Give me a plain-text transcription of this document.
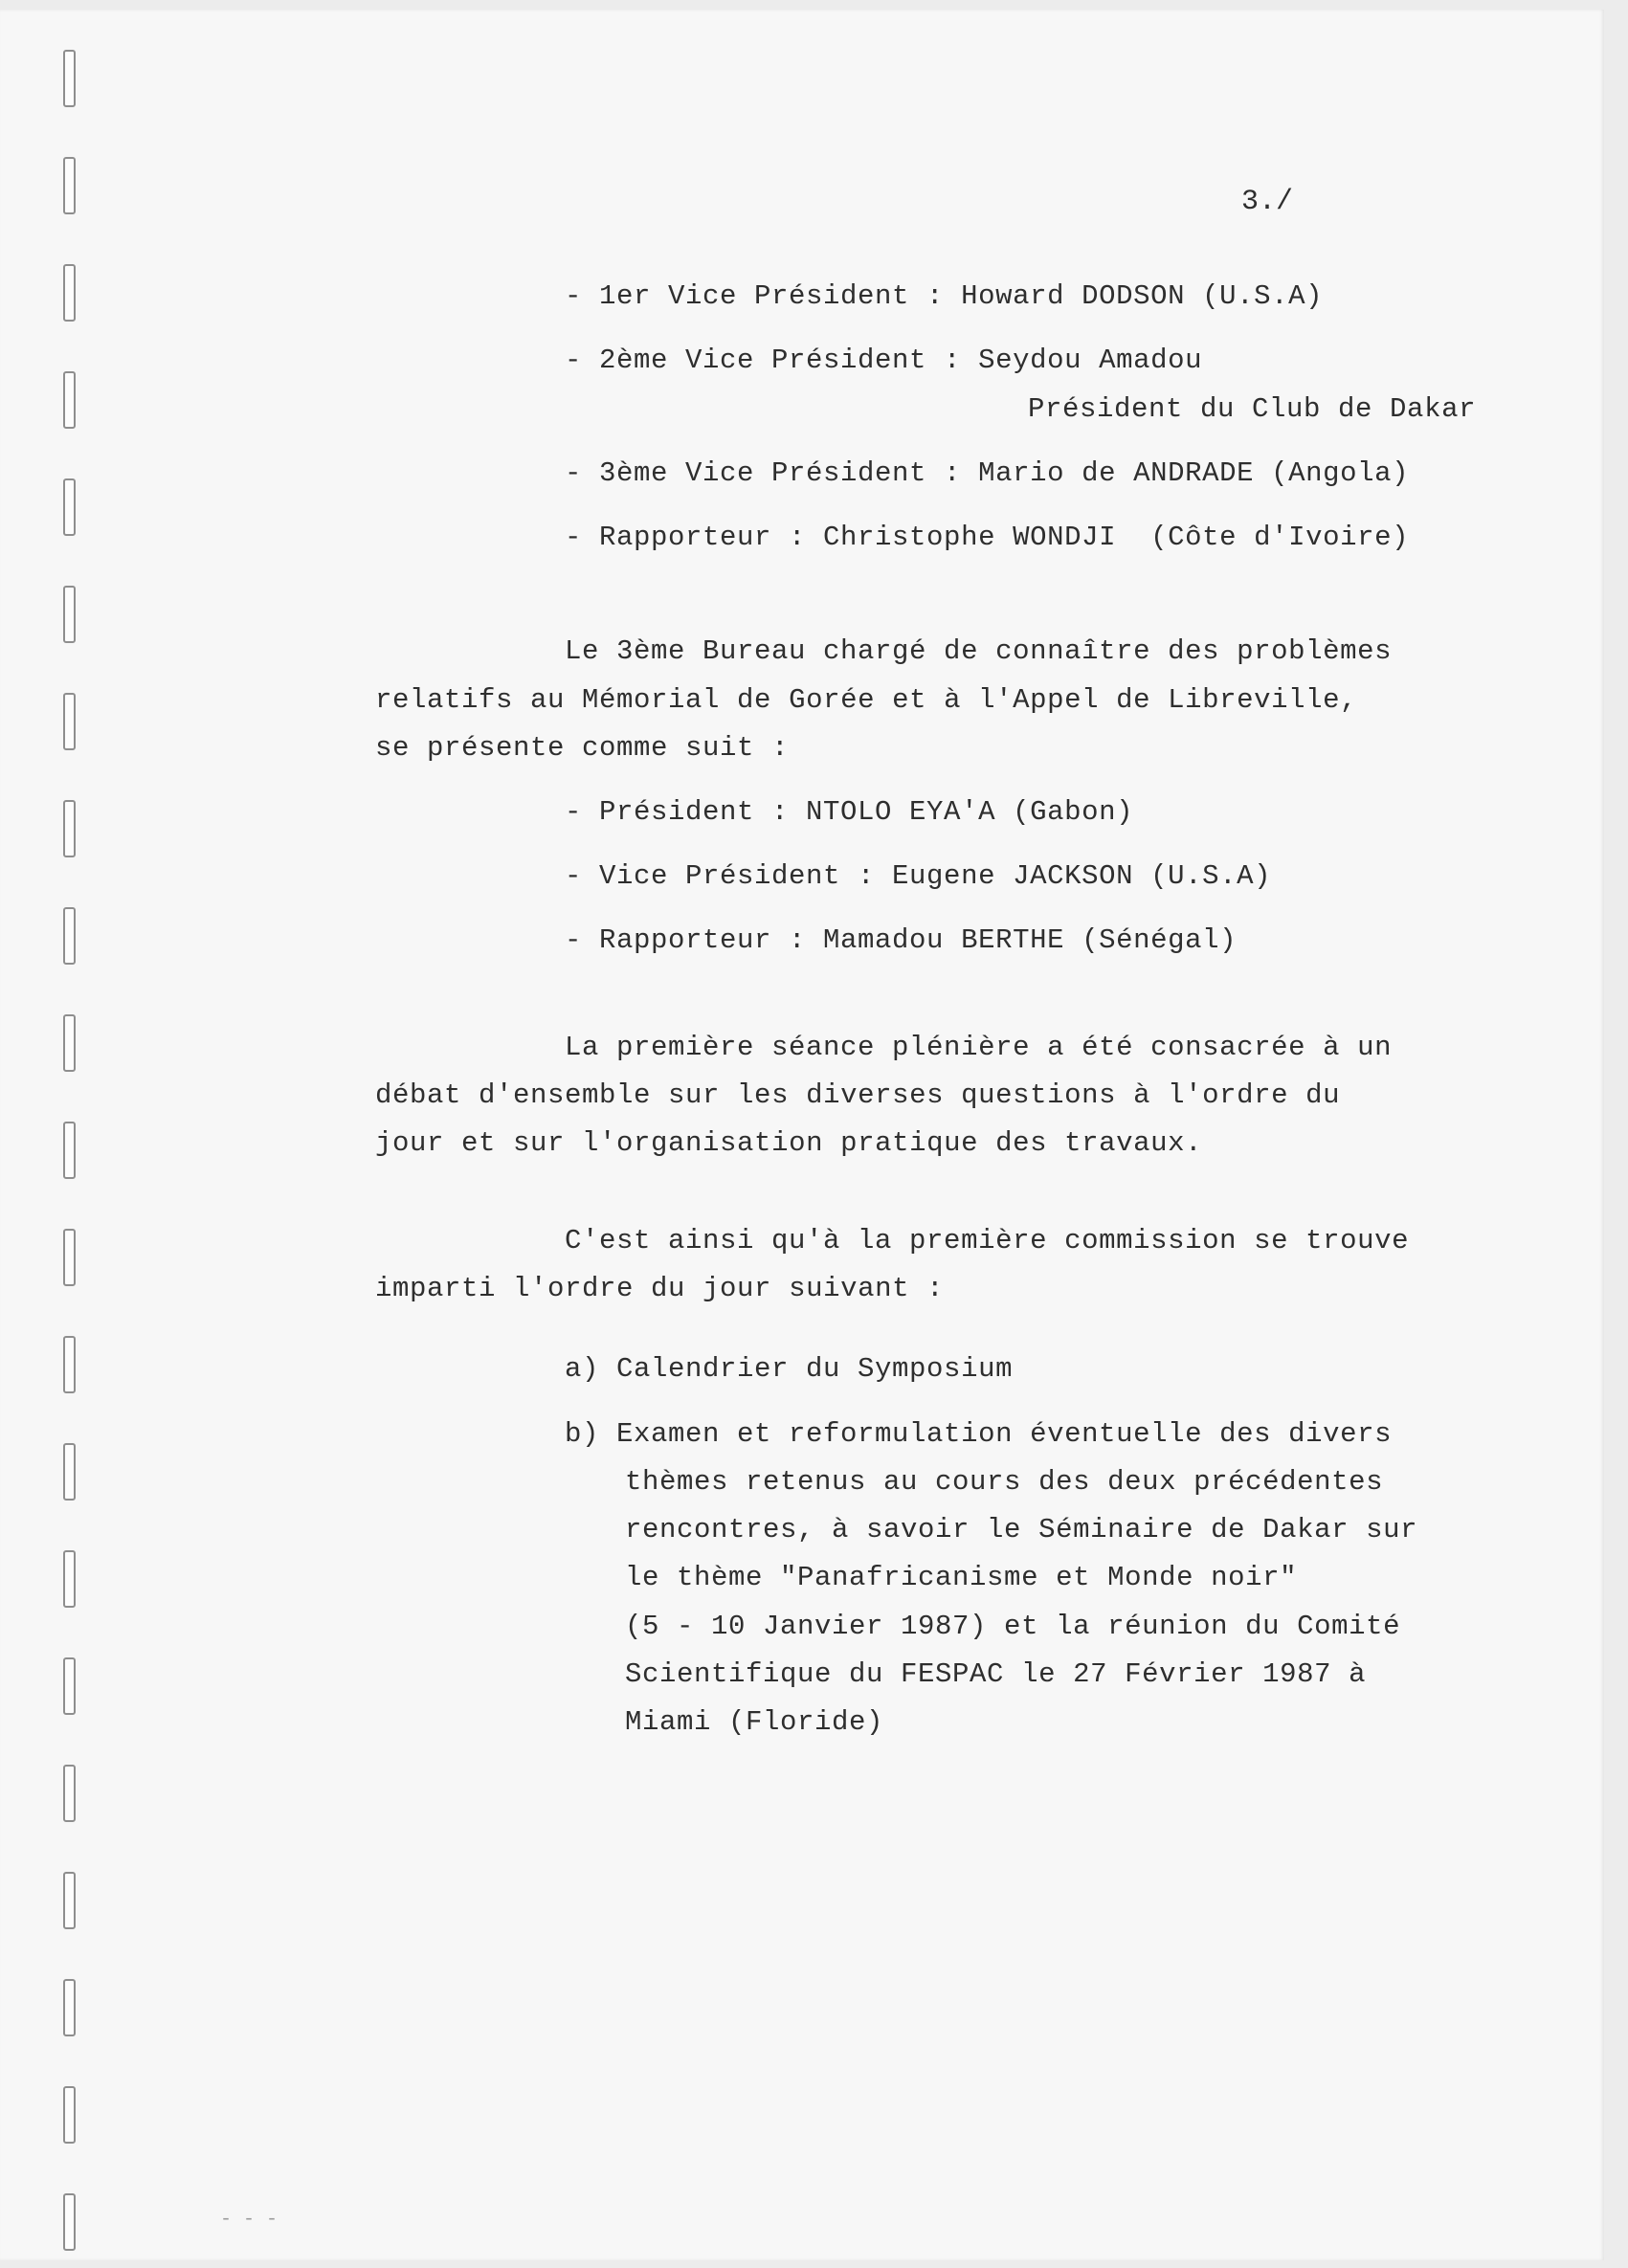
3./
- 1er Vice Président : Howard DODSON (U.S.A)
- 2ème Vice Président : Seydou Amadou
Président du Club de Dakar
- 3ème Vice Président : Mario de ANDRADE (Angola)
- Rapporteur : Christophe WONDJI  (Côte d'Ivoire)
Le 3ème Bureau chargé de connaître des problèmes
relatifs au Mémorial de Gorée et à l'Appel de Libreville,
se présente comme suit :
- Président : NTOLO EYA'A (Gabon)
- Vice Président : Eugene JACKSON (U.S.A)
- Rapporteur : Mamadou BERTHE (Sénégal)
La première séance plénière a été consacrée à un
débat d'ensemble sur les diverses questions à l'ordre du
jour et sur l'organisation pratique des travaux.
C'est ainsi qu'à la première commission se trouve
imparti l'ordre du jour suivant :
a) Calendrier du Symposium
b) Examen et reformulation éventuelle des divers
thèmes retenus au cours des deux précédentes
rencontres, à savoir le Séminaire de Dakar sur
le thème "Panafricanisme et Monde noir"
(5 - 10 Janvier 1987) et la réunion du Comité
Scientifique du FESPAC le 27 Février 1987 à
Miami (Floride)
- - -
